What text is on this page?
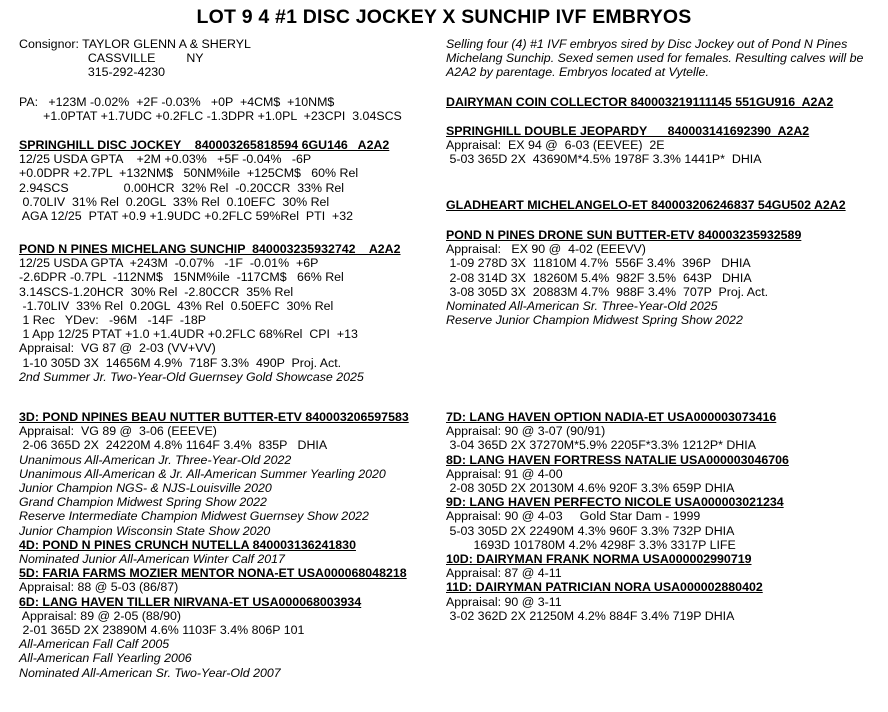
LOT 9 4 #1 DISC JOCKEY X SUNCHIP IVF EMBRYOS
Consignor: TAYLOR GLENN A & SHERYL
CASSVILLE         NY
315-292-4230
PA:   +123M -0.02%  +2F -0.03%   +0P  +4CM$  +10NM$
+1.0PTAT +1.7UDC +0.2FLC -1.3DPR +1.0PL  +23CPI  3.04SCS
SPRINGHILL DISC JOCKEY    840003265818594 6GU146   A2A2
12/25 USDA GPTA    +2M +0.03%   +5F -0.04%   -6P
+0.0DPR +2.7PL  +132NM$   50NM%ile  +125CM$   60% Rel
2.94SCS                0.00HCR  32% Rel  -0.20CCR  33% Rel
0.70LIV  31% Rel  0.20GL  33% Rel  0.10EFC  30% Rel
AGA 12/25  PTAT +0.9 +1.9UDC +0.2FLC 59%Rel  PTI  +32
POND N PINES MICHELANG SUNCHIP  840003235932742    A2A2
12/25 USDA GPTA  +243M  -0.07%   -1F  -0.01%  +6P
-2.6DPR -0.7PL  -112NM$   15NM%ile  -117CM$   66% Rel
3.14SCS-1.20HCR  30% Rel  -2.80CCR  35% Rel
-1.70LIV  33% Rel  0.20GL  43% Rel  0.50EFC  30% Rel
1 Rec   YDev:   -96M   -14F  -18P
1 App 12/25 PTAT +1.0 +1.4UDR +0.2FLC 68%Rel  CPI  +13
Appraisal:  VG 87 @  2-03 (VV+VV)
1-10 305D 3X  14656M 4.9%  718F 3.3%  490P  Proj. Act.
2nd Summer Jr. Two-Year-Old Guernsey Gold Showcase 2025
3D: POND NPINES BEAU NUTTER BUTTER-ETV 840003206597583
Appraisal:  VG 89 @  3-06 (EEEVE)
2-06 365D 2X  24220M 4.8% 1164F 3.4%  835P   DHIA
Unanimous All-American Jr. Three-Year-Old 2022
Unanimous All-American & Jr. All-American Summer Yearling 2020
Junior Champion NGS- & NJS-Louisville 2020
Grand Champion Midwest Spring Show 2022
Reserve Intermediate Champion Midwest Guernsey Show 2022
Junior Champion Wisconsin State Show 2020
4D: POND N PINES CRUNCH NUTELLA 840003136241830
Nominated Junior All-American Winter Calf 2017
5D: FARIA FARMS MOZIER MENTOR NONA-ET USA000068048218
Appraisal: 88 @ 5-03 (86/87)
6D: LANG HAVEN TILLER NIRVANA-ET USA000068003934
Appraisal: 89 @ 2-05 (88/90)
2-01 365D 2X 23890M 4.6% 1103F 3.4% 806P 101
All-American Fall Calf 2005
All-American Fall Yearling 2006
Nominated All-American Sr. Two-Year-Old 2007
Selling four (4) #1 IVF embryos sired by Disc Jockey out of Pond N Pines Michelang Sunchip. Sexed semen used for females. Resulting calves will be A2A2 by parentage. Embryos located at Vytelle.
DAIRYMAN COIN COLLECTOR 840003219111145 551GU916  A2A2
SPRINGHILL DOUBLE JEOPARDY      840003141692390  A2A2
Appraisal:  EX 94 @  6-03 (EEVEE)  2E
5-03 365D 2X  43690M*4.5% 1978F 3.3% 1441P*  DHIA
GLADHEART MICHELANGELO-ET 840003206246837 54GU502 A2A2
POND N PINES DRONE SUN BUTTER-ETV 840003235932589
Appraisal:   EX 90 @  4-02 (EEEVV)
1-09 278D 3X  11810M 4.7%  556F 3.4%  396P   DHIA
2-08 314D 3X  18260M 5.4%  982F 3.5%  643P   DHIA
3-08 305D 3X  20883M 4.7%  988F 3.4%  707P  Proj. Act.
Nominated All-American Sr. Three-Year-Old 2025
Reserve Junior Champion Midwest Spring Show 2022
7D: LANG HAVEN OPTION NADIA-ET USA000003073416
Appraisal: 90 @ 3-07 (90/91)
3-04 365D 2X 37270M*5.9% 2205F*3.3% 1212P* DHIA
8D: LANG HAVEN FORTRESS NATALIE USA000003046706
Appraisal: 91 @ 4-00
2-08 305D 2X 20130M 4.6% 920F 3.3% 659P DHIA
9D: LANG HAVEN PERFECTO NICOLE USA000003021234
Appraisal: 90 @ 4-03     Gold Star Dam - 1999
5-03 305D 2X 22490M 4.3% 960F 3.3% 732P DHIA
1693D 101780M 4.2% 4298F 3.3% 3317P LIFE
10D: DAIRYMAN FRANK NORMA USA000002990719
Appraisal: 87 @ 4-11
11D: DAIRYMAN PATRICIAN NORA USA000002880402
Appraisal: 90 @ 3-11
3-02 362D 2X 21250M 4.2% 884F 3.4% 719P DHIA
